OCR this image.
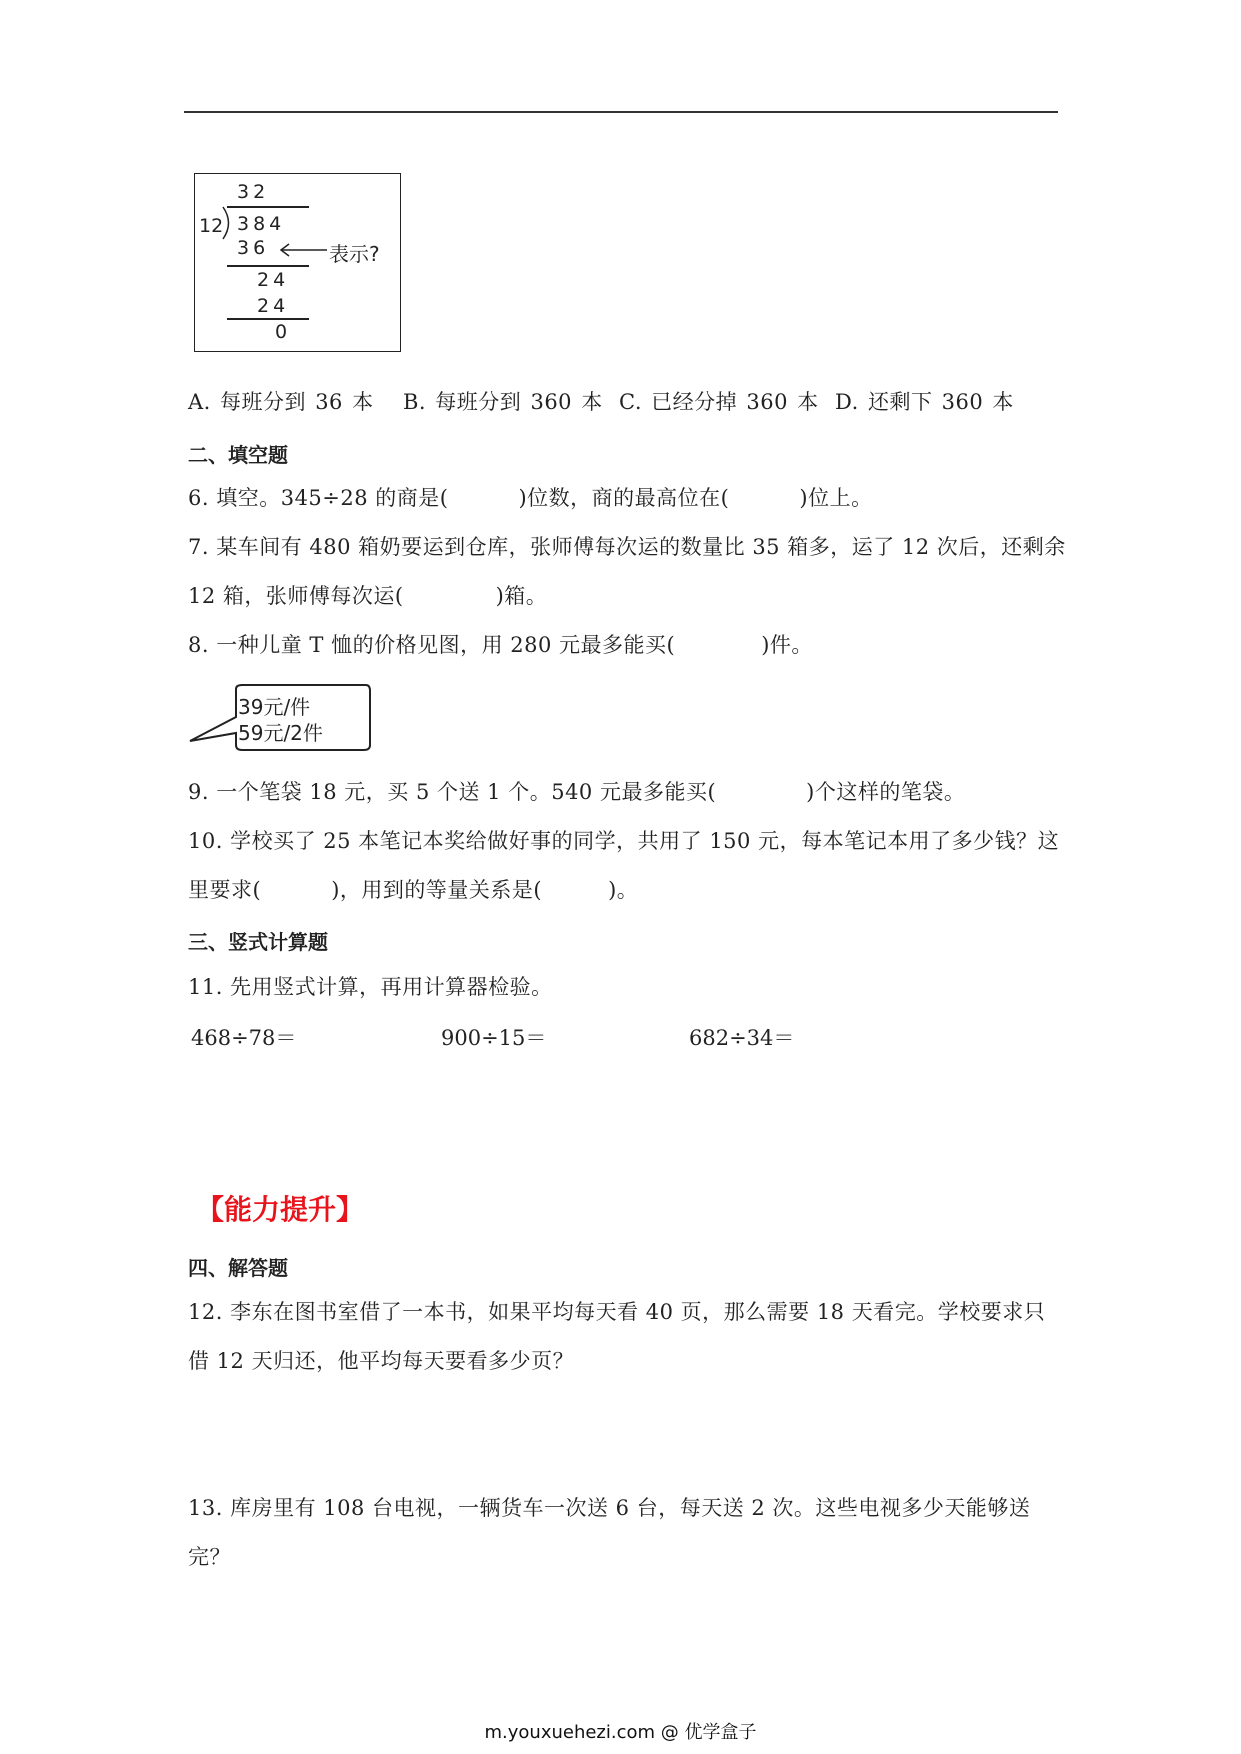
32
12 384
36	表示?
24
24
0
A. 每班分到 36 本 B. 每班分到 360 本 C. 已经分掉 360 本 D. 还剩下 360 本
二、填空题
6. 填空。345÷28 的商是(	)位数，商的最高位在(	)位上。
7. 某车间有 480 箱奶要运到仓库，张师傅每次运的数量比 35 箱多，运了 12 次后，还剩余
12 箱，张师傅每次运(	)箱。
8. 一种儿童 T 恤的价格见图，用 280 元最多能买(	)件。
39元/件
59元/2件
9. 一个笔袋 18 元，买 5 个送 1 个。540 元最多能买(	)个这样的笔袋。
10. 学校买了 25 本笔记本奖给做好事的同学，共用了 150 元，每本笔记本用了多少钱？这
里要求(	)，用到的等量关系是(	)。
三、竖式计算题
11. 先用竖式计算，再用计算器检验。
468÷78＝	900÷15＝	682÷34＝
【能力提升】
四、解答题
12. 李东在图书室借了一本书，如果平均每天看 40 页，那么需要 18 天看完。学校要求只
借 12 天归还，他平均每天要看多少页？
13. 库房里有 108 台电视，一辆货车一次送 6 台，每天送 2 次。这些电视多少天能够送
完？
m.youxuehezi.com @ 优学盒子
